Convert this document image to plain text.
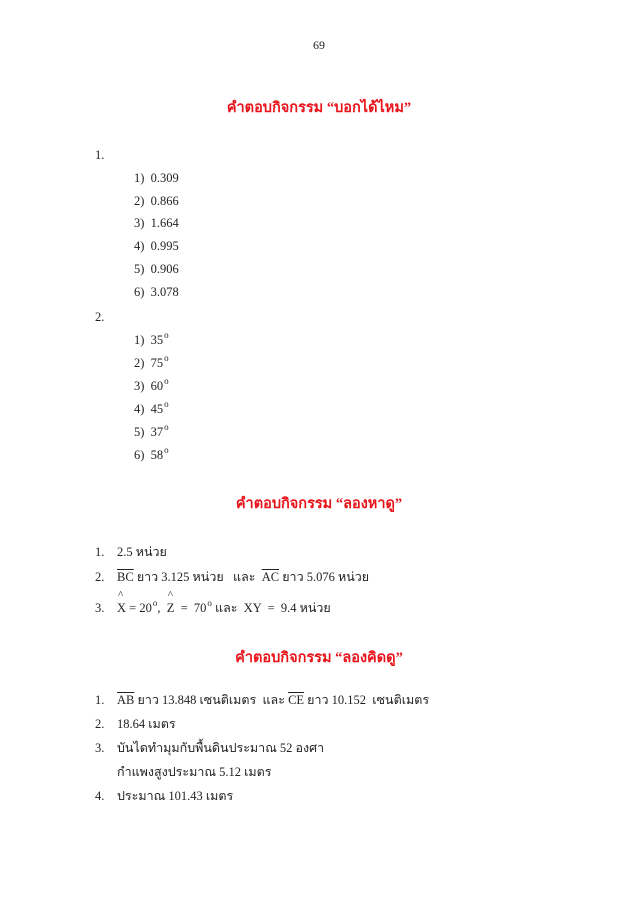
69
คำตอบกิจกรรม “บอกได้ไหม”
1.
1) 0.309
2) 0.866
3) 1.664
4) 0.995
5) 0.906
6) 3.078
2.
1) 35$^o$
2) 75$^o$
3) 60$^o$
4) 45$^o$
5) 37$^o$
6) 58$^o$
คำตอบกิจกรรม “ลองหาดู”
1. 2.5 หน่วย
2. $\overline{BC}$ ยาว 3.125 หน่วย   และ  $\overline{AC}$ ยาว 5.076 หน่วย
3.
^
$X = 20^o$,
^
Z  =  70$^o$ และ  XY  =  9.4 หน่วย
คำตอบกิจกรรม “ลองคิดดู”
1. $\overline{AB}$ ยาว 13.848 เซนติเมตร  และ $\overline{CE}$ ยาว 10.152  เซนติเมตร
2. 18.64 เมตร
3. บันไดทำมุมกับพื้นดินประมาณ 52 องศา
กำแพงสูงประมาณ 5.12 เมตร
4. ประมาณ 101.43 เมตร
